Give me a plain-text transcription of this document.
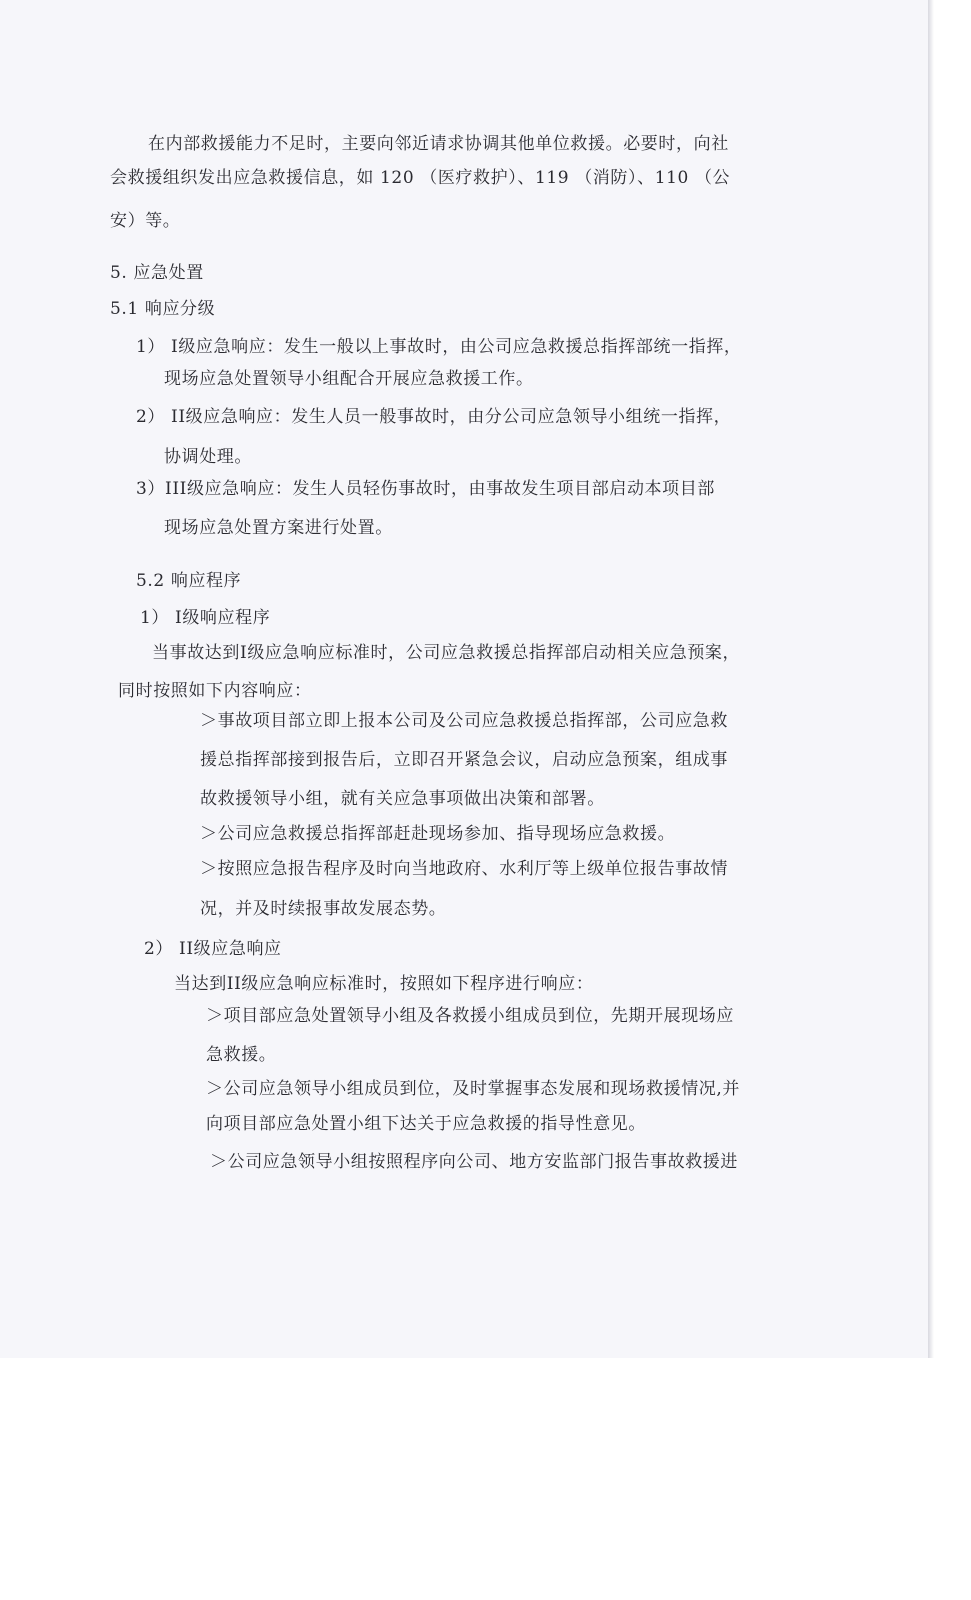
在内部救援能力不足时，主要向邻近请求协调其他单位救援。必要时，向社
会救援组织发出应急救援信息，如 120 （医疗救护）、119 （消防）、110 （公
安）等。
5. 应急处置
5.1 响应分级
1） I级应急响应：发生一般以上事故时，由公司应急救援总指挥部统一指挥，
现场应急处置领导小组配合开展应急救援工作。
2） II级应急响应：发生人员一般事故时，由分公司应急领导小组统一指挥，
协调处理。
3）III级应急响应：发生人员轻伤事故时，由事故发生项目部启动本项目部
现场应急处置方案进行处置。
5.2 响应程序
1） I级响应程序
当事故达到I级应急响应标准时，公司应急救援总指挥部启动相关应急预案，
同时按照如下内容响应：
＞事故项目部立即上报本公司及公司应急救援总指挥部，公司应急救
援总指挥部接到报告后，立即召开紧急会议，启动应急预案，组成事
故救援领导小组，就有关应急事项做出决策和部署。
＞公司应急救援总指挥部赶赴现场参加、指导现场应急救援。
＞按照应急报告程序及时向当地政府、水利厅等上级单位报告事故情
况，并及时续报事故发展态势。
2） II级应急响应
当达到II级应急响应标准时，按照如下程序进行响应：
＞项目部应急处置领导小组及各救援小组成员到位，先期开展现场应
急救援。
＞公司应急领导小组成员到位，及时掌握事态发展和现场救援情况,并
向项目部应急处置小组下达关于应急救援的指导性意见。
＞公司应急领导小组按照程序向公司、地方安监部门报告事故救援进
